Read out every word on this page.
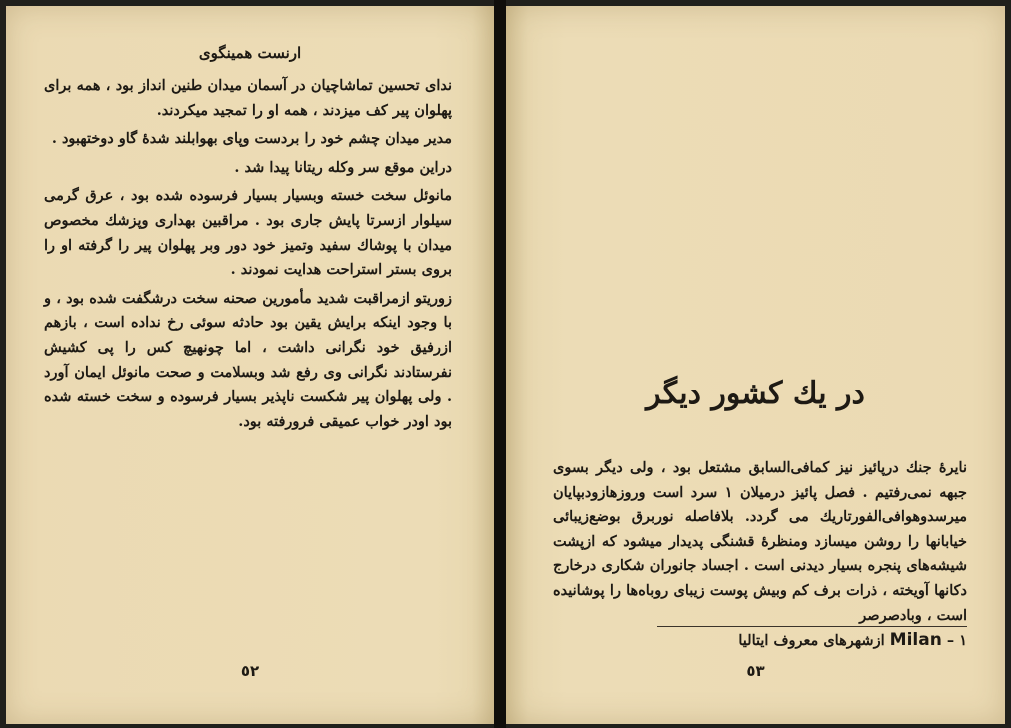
ارنست همینگوی

ندای تحسین تماشاچیان در آسمان میدان طنین انداز بود ، همه برای پهلوان پیر کف میزدند ، همه او را تمجید میکردند.

مدیر میدان چشم خود را بردست وپای بهوابلند شدهٔ گاو دوختهبود .

دراین موقع سر وکله ریتانا پیدا شد .

مانوئل سخت خسته وبسیار بسیار فرسوده شده بود ، عرق گرمی سیلوار ازسرتا پایش جاری بود . مراقبین بهداری وپزشك مخصوص میدان با پوشاك سفید وتمیز خود دور وبر پهلوان پیر را گرفته او را بروی بستر استراحت هدایت نمودند .

زوریتو ازمراقبت شدید مأمورین صحنه سخت درشگفت شده بود ، و با وجود اینکه برایش یقین بود حادثه سوئی رخ نداده است ، بازهم ازرفیق خود نگرانی داشت ، اما چونهیچ کس را پی کشیش نفرستادند نگرانی وی رفع شد وبسلامت و صحت مانوئل ایمان آورد . ولی پهلوان پیر شکست ناپذیر بسیار فرسوده و سخت خسته شده بود اودر خواب عمیقی فرورفته بود.

٥٢
در یك كشور دیگر

نایرهٔ جنك درپائیز نیز كمافی‌السابق مشتعل بود ، ولی دیگر بسوی جبهه نمی‌رفتیم . فصل پائیز درمیلان ۱ سرد است وروزهازودبپایان میرسدوهوافی‌الفورتاریك می گردد. بلافاصله نوربرق بوضع‌زیبائی خیابانها را روشن میسازد ومنظرهٔ قشنگی پدیدار میشود كه ازپشت شیشه‌های پنجره بسیار دیدنی است . اجساد جانوران شكاری درخارج دكانها آویخته ، ذرات برف كم وبیش پوست زیبای روباه‌ها را پوشانیده است ، وبادصرصر

۱ – Milan ازشهرهای معروف ایتالیا
٥٣
